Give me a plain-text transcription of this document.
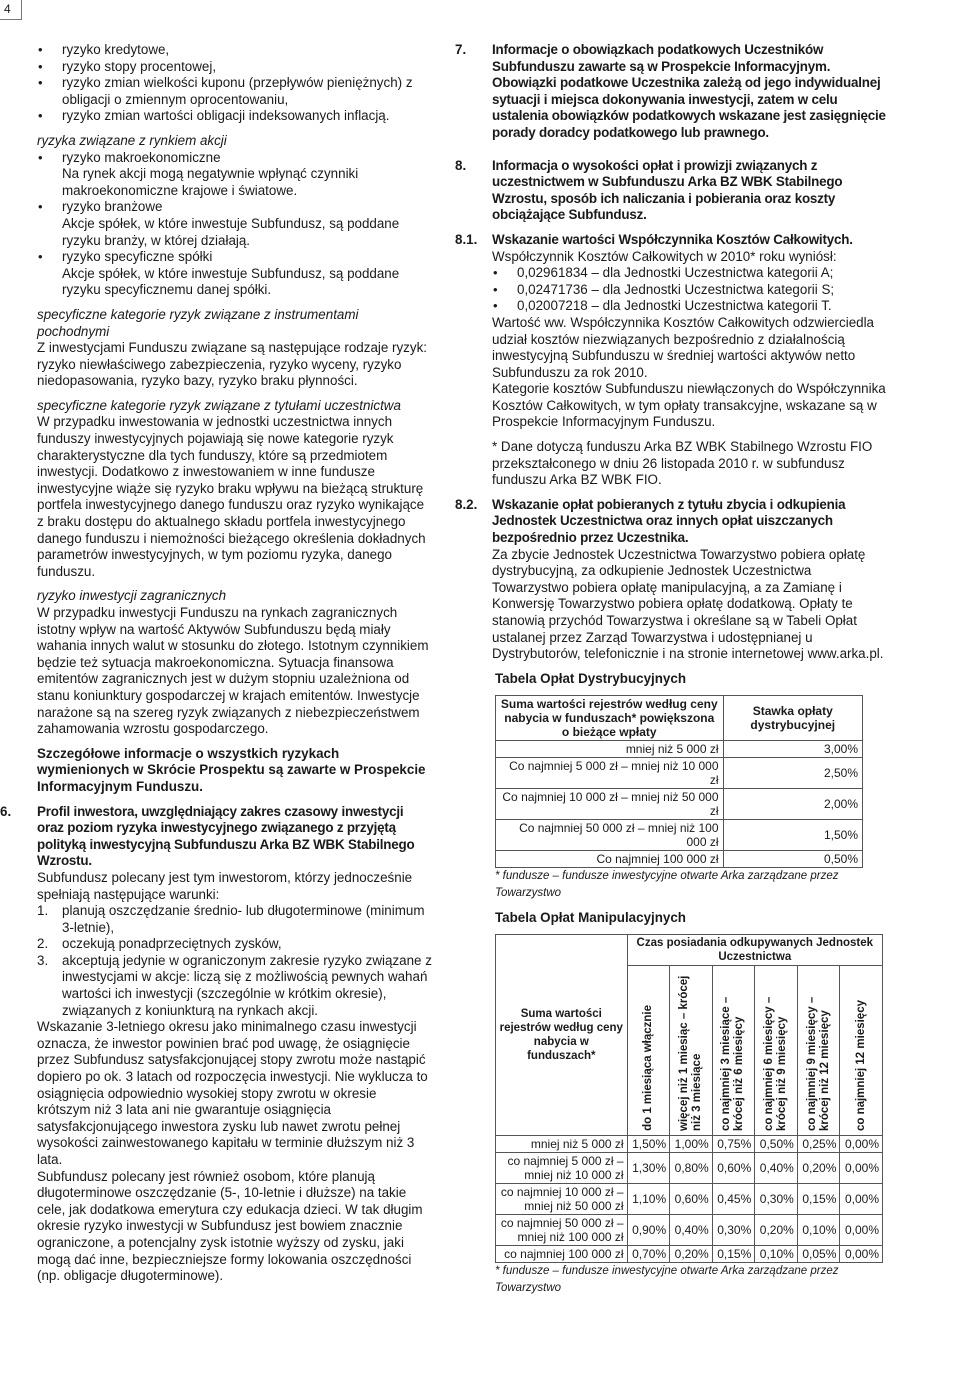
4
• ryzyko kredytowe,
• ryzyko stopy procentowej,
• ryzyko zmian wielkości kuponu (przepływów pieniężnych) z obligacji o zmiennym oprocentowaniu,
• ryzyko zmian wartości obligacji indeksowanych inflacją.

ryzyka związane z rynkiem akcji

• ryzyko makroekonomiczne

Na rynek akcji mogą negatywnie wpłynąć czynniki makroekonomiczne krajowe i światowe.

• ryzyko branżowe

Akcje spółek, w które inwestuje Subfundusz, są poddane ryzyku branży, w której działają.

• ryzyko specyficzne spółki

Akcje spółek, w które inwestuje Subfundusz, są poddane ryzyku specyficznemu danej spółki.

specyficzne kategorie ryzyk związane z instrumentami pochodnymi

Z inwestycjami Funduszu związane są następujące rodzaje ryzyk: ryzyko niewłaściwego zabezpieczenia, ryzyko wyceny, ryzyko niedopasowania, ryzyko bazy, ryzyko braku płynności.

specyficzne kategorie ryzyk związane z tytułami uczestnictwa

W przypadku inwestowania w jednostki uczestnictwa innych funduszy inwestycyjnych pojawiają się nowe kategorie ryzyk charakterystyczne dla tych funduszy, które są przedmiotem inwestycji. Dodatkowo z inwestowaniem w inne fundusze inwestycyjne wiąże się ryzyko braku wpływu na bieżącą strukturę portfela inwestycyjnego danego funduszu oraz ryzyko wynikające z braku dostępu do aktualnego składu portfela inwestycyjnego danego funduszu i niemożności bieżącego określenia dokładnych parametrów inwestycyjnych, w tym poziomu ryzyka, danego funduszu.

ryzyko inwestycji zagranicznych

W przypadku inwestycji Funduszu na rynkach zagranicznych istotny wpływ na wartość Aktywów Subfunduszu będą miały wahania innych walut w stosunku do złotego. Istotnym czynnikiem będzie też sytuacja makroekonomiczna. Sytuacja finansowa emitentów zagranicznych jest w dużym stopniu uzależniona od stanu koniunktury gospodarczej w krajach emitentów. Inwestycje narażone są na szereg ryzyk związanych z niebezpieczeństwem zahamowania wzrostu gospodarczego.

Szczegółowe informacje o wszystkich ryzykach wymienionych w Skrócie Prospektu są zawarte w Prospekcie Informacyjnym Funduszu.

6.	Profil inwestora, uwzględniający zakres czasowy inwestycji oraz poziom ryzyka inwestycyjnego związanego z przyjętą polityką inwestycyjną Subfunduszu Arka BZ WBK Stabilnego Wzrostu.

Subfundusz polecany jest tym inwestorom, którzy jednocześnie spełniają następujące warunki:

1. planują oszczędzanie średnio- lub długoterminowe (minimum 3-letnie),
2. oczekują ponadprzeciętnych zysków,
3. akceptują jedynie w ograniczonym zakresie ryzyko związane z inwestycjami w akcje: liczą się z możliwością pewnych wahań wartości ich inwestycji (szczególnie w krótkim okresie), związanych z koniunkturą na rynkach akcji.

Wskazanie 3-letniego okresu jako minimalnego czasu inwestycji oznacza, że inwestor powinien brać pod uwagę, że osiągnięcie przez Subfundusz satysfakcjonującej stopy zwrotu może nastąpić dopiero po ok. 3 latach od rozpoczęcia inwestycji. Nie wyklucza to osiągnięcia odpowiednio wysokiej stopy zwrotu w okresie krótszym niż 3 lata ani nie gwarantuje osiągnięcia satysfakcjonującego inwestora zysku lub nawet zwrotu pełnej wysokości zainwestowanego kapitału w terminie dłuższym niż 3 lata.

Subfundusz polecany jest również osobom, które planują długoterminowe oszczędzanie (5-, 10-letnie i dłuższe) na takie cele, jak dodatkowa emerytura czy edukacja dzieci. W tak długim okresie ryzyko inwestycji w Subfundusz jest bowiem znacznie ograniczone, a potencjalny zysk istotnie wyższy od zysku, jaki mogą dać inne, bezpieczniejsze formy lokowania oszczędności (np. obligacje długoterminowe).

7.	Informacje o obowiązkach podatkowych Uczestników Subfunduszu zawarte są w Prospekcie Informacyjnym. Obowiązki podatkowe Uczestnika zależą od jego indywidualnej sytuacji i miejsca dokonywania inwestycji, zatem w celu ustalenia obowiązków podatkowych wskazane jest zasięgnięcie porady doradcy podatkowego lub prawnego.
8.	Informacja o wysokości opłat i prowizji związanych z uczestnictwem w Subfunduszu Arka BZ WBK Stabilnego Wzrostu, sposób ich naliczania i pobierania oraz koszty obciążające Subfundusz.
8.1.	Wskazanie wartości Współczynnika Kosztów Całkowitych.

Współczynnik Kosztów Całkowitych w 2010* roku wyniósł:

• 0,02961834 – dla Jednostki Uczestnictwa kategorii A;
• 0,02471736 – dla Jednostki Uczestnictwa kategorii S;
• 0,02007218 – dla Jednostki Uczestnictwa kategorii T.

Wartość ww. Współczynnika Kosztów Całkowitych odzwierciedla udział kosztów niezwiązanych bezpośrednio z działalnością inwestycyjną Subfunduszu w średniej wartości aktywów netto Subfunduszu za rok 2010.

Kategorie kosztów Subfunduszu niewłączonych do Współczynnika Kosztów Całkowitych, w tym opłaty transakcyjne, wskazane są w Prospekcie Informacyjnym Funduszu.

* Dane dotyczą funduszu Arka BZ WBK Stabilnego Wzrostu FIO przekształconego w dniu 26 listopada 2010 r. w subfundusz funduszu Arka BZ WBK FIO.

8.2.	Wskazanie opłat pobieranych z tytułu zbycia i odkupienia Jednostek Uczestnictwa oraz innych opłat uiszczanych bezpośrednio przez Uczestnika.

Za zbycie Jednostek Uczestnictwa Towarzystwo pobiera opłatę dystrybucyjną, za odkupienie Jednostek Uczestnictwa Towarzystwo pobiera opłatę manipulacyjną, a za Zamianę i Konwersję Towarzystwo pobiera opłatę dodatkową. Opłaty te stanowią przychód Towarzystwa i określane są w Tabeli Opłat ustalanej przez Zarząd Towarzystwa i udostępnianej u Dystrybutorów, telefonicznie i na stronie internetowej www.arka.pl.

Tabela Opłat Dystrybucyjnych

Suma wartości rejestrów według ceny nabycia w funduszach* powiększona o bieżące wpłaty	Stawka opłaty dystrybucyjnej
mniej niż 5 000 zł	3,00%
Co najmniej 5 000 zł – mniej niż 10 000 zł	2,50%
Co najmniej 10 000 zł – mniej niż 50 000 zł	2,00%
Co najmniej 50 000 zł – mniej niż 100 000 zł	1,50%
Co najmniej 100 000 zł	0,50%

* fundusze – fundusze inwestycyjne otwarte Arka zarządzane przez Towarzystwo

Tabela Opłat Manipulacyjnych

Suma wartości rejestrów według ceny nabycia w funduszach*	Czas posiadania odkupywanych Jednostek Uczestnictwa					

	do 1 miesiąca włącznie	więcej niż 1 miesiąc – krócej niż 3 miesiące	co najmniej 3 miesiące – krócej niż 6 miesięcy	co najmniej 6 miesięcy – krócej niż 9 miesięcy	co najmniej 9 miesięcy – krócej niż 12 miesięcy	co najmniej 12 miesięcy

mniej niż 5 000 zł	1,50%	1,00%	0,75%	0,50%	0,25%	0,00%
co najmniej 5 000 zł – mniej niż 10 000 zł	1,30%	0,80%	0,60%	0,40%	0,20%	0,00%
co najmniej 10 000 zł – mniej niż 50 000 zł	1,10%	0,60%	0,45%	0,30%	0,15%	0,00%
co najmniej 50 000 zł – mniej niż 100 000 zł	0,90%	0,40%	0,30%	0,20%	0,10%	0,00%
co najmniej 100 000 zł	0,70%	0,20%	0,15%	0,10%	0,05%	0,00%

* fundusze – fundusze inwestycyjne otwarte Arka zarządzane przez Towarzystwo
